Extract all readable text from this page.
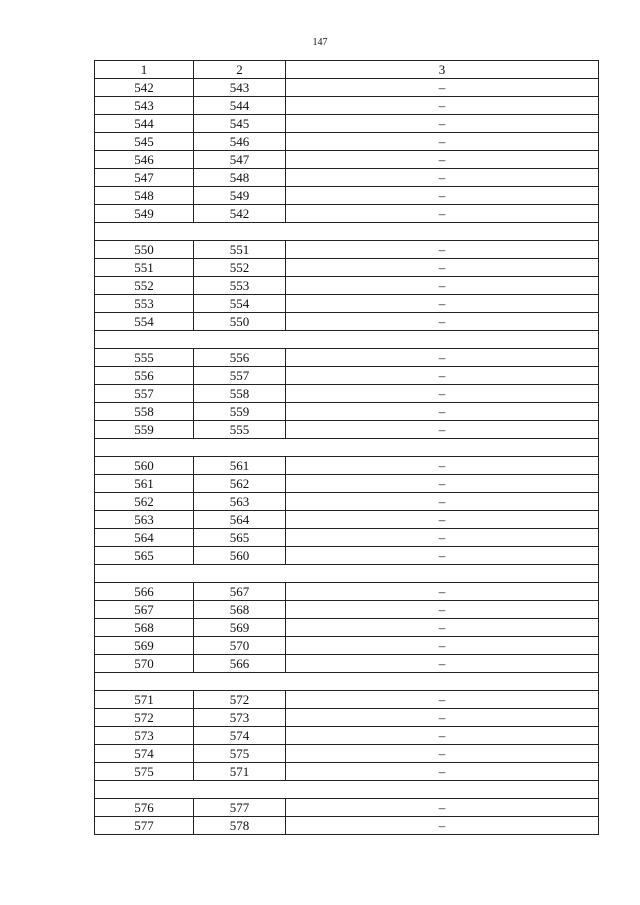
147
1	2	3
542	543	–
543	544	–
544	545	–
545	546	–
546	547	–
547	548	–
548	549	–
549	542	–

550	551	–
551	552	–
552	553	–
553	554	–
554	550	–

555	556	–
556	557	–
557	558	–
558	559	–
559	555	–

560	561	–
561	562	–
562	563	–
563	564	–
564	565	–
565	560	–

566	567	–
567	568	–
568	569	–
569	570	–
570	566	–

571	572	–
572	573	–
573	574	–
574	575	–
575	571	–

576	577	–
577	578	–
